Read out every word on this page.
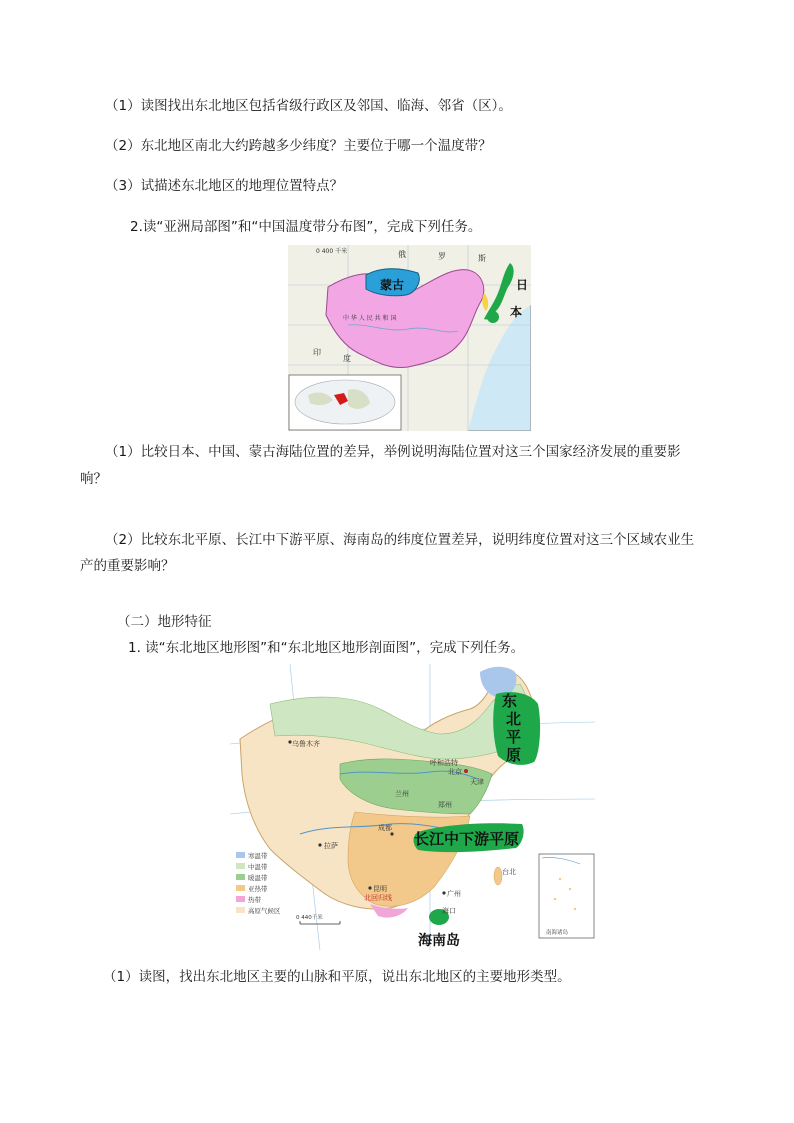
（1）读图找出东北地区包括省级行政区及邻国、临海、邻省（区）。
（2）东北地区南北大约跨越多少纬度？主要位于哪一个温度带？
（3）试描述东北地区的地理位置特点？
2.读“亚洲局部图”和“中国温度带分布图”，完成下列任务。
蒙古	日
本
俄	罗	斯
中 华 人 民 共 和 国
印
度
0 400 千米
（1）比较日本、中国、蒙古海陆位置的差异，举例说明海陆位置对这三个国家经济发展的重要影
响？
（2）比较东北平原、长江中下游平原、海南岛的纬度位置差异，说明纬度位置对这三个区域农业生
产的重要影响？
（二）地形特征
1. 读“东北地区地形图”和“东北地区地形剖面图”，完成下列任务。
东
北
平
原
长江中下游平原
海南岛
乌鲁木齐
呼和浩特
北京
天津
兰州
郑州
成都
拉萨
昆明
广州
台北
海口
北回归线
寒温带
中温带
暖温带
亚热带
热带
高原气候区
0 440千米
南海诸岛
（1）读图，找出东北地区主要的山脉和平原，说出东北地区的主要地形类型。
